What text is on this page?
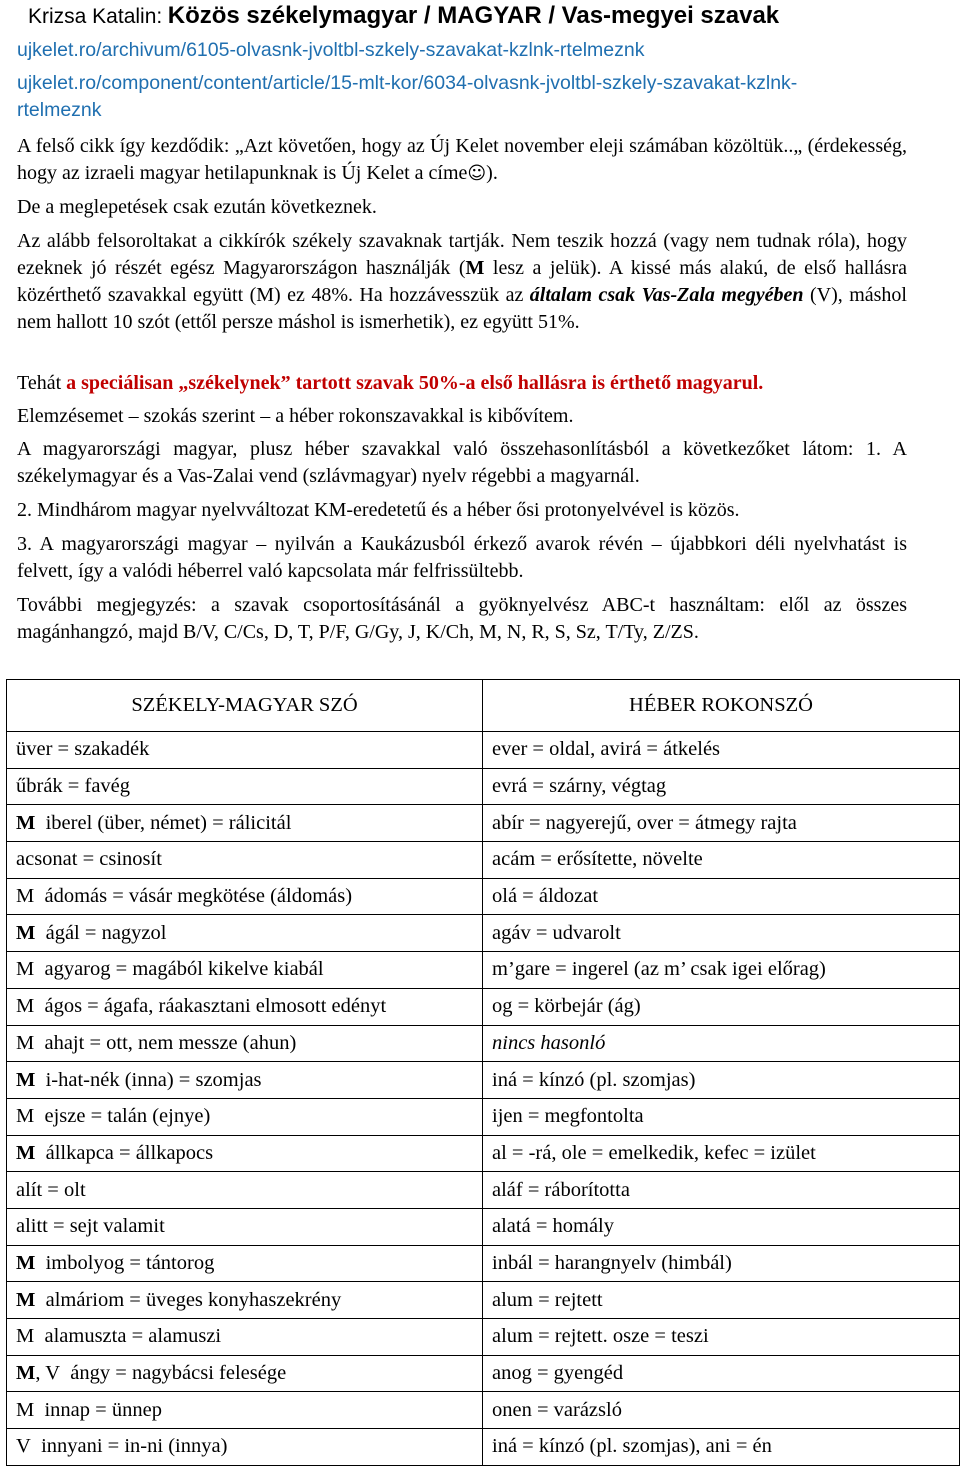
Krizsa Katalin: Közös székelymagyar / MAGYAR / Vas-megyei szavak
ujkelet.ro/archivum/6105-olvasnk-jvoltbl-szkely-szavakat-kzlnk-rtelmeznk
ujkelet.ro/component/content/article/15-mlt-kor/6034-olvasnk-jvoltbl-szkely-szavakat-kzlnk-
rtelmeznk
A felső cikk így kezdődik: „Azt követően, hogy az Új Kelet november eleji számában közöltük..„ (érdekesség, hogy az izraeli magyar hetilapunknak is Új Kelet a címe☺).
De a meglepetések csak ezután következnek.
Az alább felsoroltakat a cikkírók székely szavaknak tartják. Nem teszik hozzá (vagy nem tudnak róla), hogy ezeknek jó részét egész Magyarországon használják (M lesz a jelük). A kissé más alakú, de első hallásra közérthető szavakkal együtt (M) ez 48%. Ha hozzávesszük az általam csak Vas-Zala megyében (V), máshol nem hallott 10 szót (ettől persze máshol is ismerhetik), ez együtt 51%.
Tehát a speciálisan „székelynek” tartott szavak 50%-a első hallásra is érthető magyarul.
Elemzésemet – szokás szerint – a héber rokonszavakkal is kibővítem.
A magyarországi magyar, plusz héber szavakkal való összehasonlításból a következőket látom: 1. A székelymagyar és a Vas-Zalai vend (szlávmagyar) nyelv régebbi a magyarnál.
2. Mindhárom magyar nyelvváltozat KM-eredetetű és a héber ősi protonyelvével is közös.
3. A magyarországi magyar – nyilván a Kaukázusból érkező avarok révén – újabbkori déli nyelvhatást is felvett, így a valódi héberrel való kapcsolata már felfrissültebb.
További megjegyzés: a szavak csoportosításánál a gyöknyelvész ABC-t használtam: elől az összes magánhangzó, majd B/V, C/Cs, D, T, P/F, G/Gy, J, K/Ch, M, N, R, S, Sz, T/Ty, Z/ZS.
SZÉKELY-MAGYAR SZÓ	HÉBER ROKONSZÓ
üver = szakadék	ever = oldal, avirá = átkelés
űbrák = favég	evrá = szárny, végtag
M iberel (über, német) = rálicitál	abír = nagyerejű, over = átmegy rajta
acsonat = csinosít	acám = erősítette, növelte
M ádomás = vásár megkötése (áldomás)	olá = áldozat
M ágál = nagyzol	agáv = udvarolt
M agyarog = magából kikelve kiabál	m’gare = ingerel (az m’ csak igei előrag)
M ágos = ágafa, ráakasztani elmosott edényt	og = körbejár (ág)
M ahajt = ott, nem messze (ahun)	nincs hasonló
M i-hat-nék (inna) = szomjas	iná = kínzó (pl. szomjas)
M ejsze = talán (ejnye)	ijen = megfontolta
M állkapca = állkapocs	al = -rá, ole = emelkedik, kefec = izület
alít = olt	aláf = ráborította
alitt = sejt valamit	alatá = homály
M imbolyog = tántorog	inbál = harangnyelv (himbál)
M almáriom = üveges konyhaszekrény	alum = rejtett
M alamuszta = alamuszi	alum = rejtett. osze = teszi
M, V ángy = nagybácsi felesége	anog = gyengéd
M innap = ünnep	onen = varázsló
V innyani = in-ni (innya)	iná = kínzó (pl. szomjas), ani = én
